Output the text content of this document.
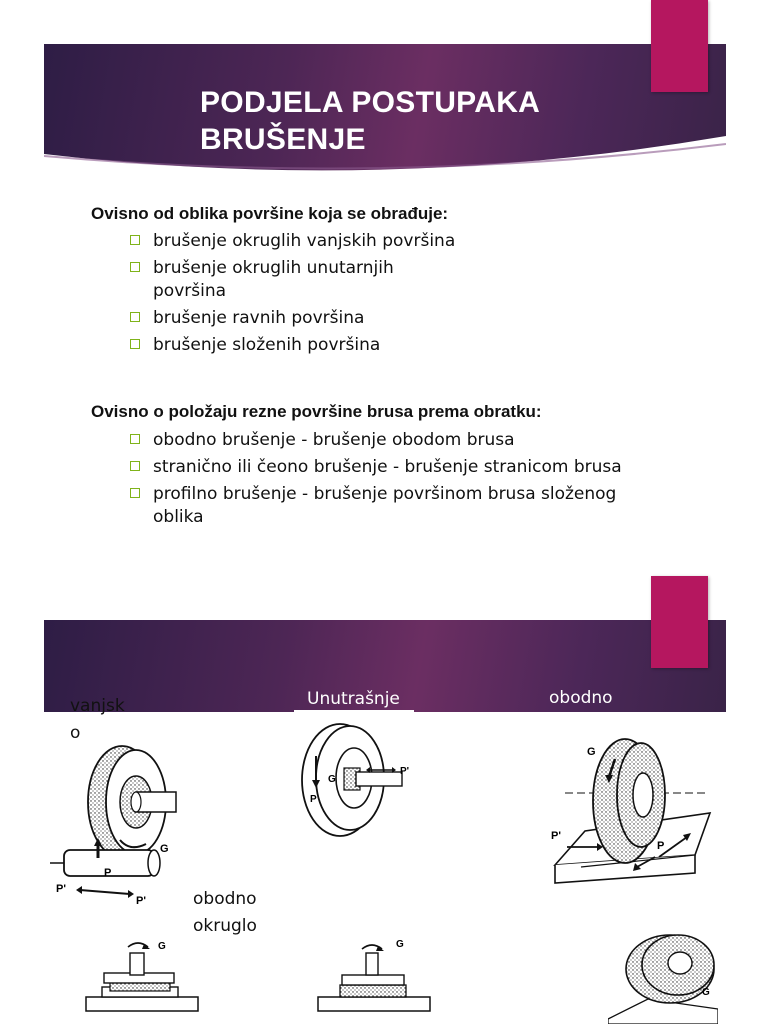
PODJELA POSTUPAKA
BRUŠENJE

Ovisno od oblika površine koja se obrađuje:

brušenje okruglih vanjskih površina
brušenje okruglih unutarnjih površina
brušenje ravnih površina
brušenje složenih površina

Ovisno o položaju rezne površine brusa prema obratku:

obodno brušenje - brušenje obodom brusa
stranično ili čeono brušenje - brušenje stranicom brusa
profilno brušenje - brušenje površinom brusa složenog oblika
P
G
P'
P'
P'
P
G
G
P'
P
G	G
G

vanjsk
o

Unutrašnje	obodno
ravno

obodno
okruglo
